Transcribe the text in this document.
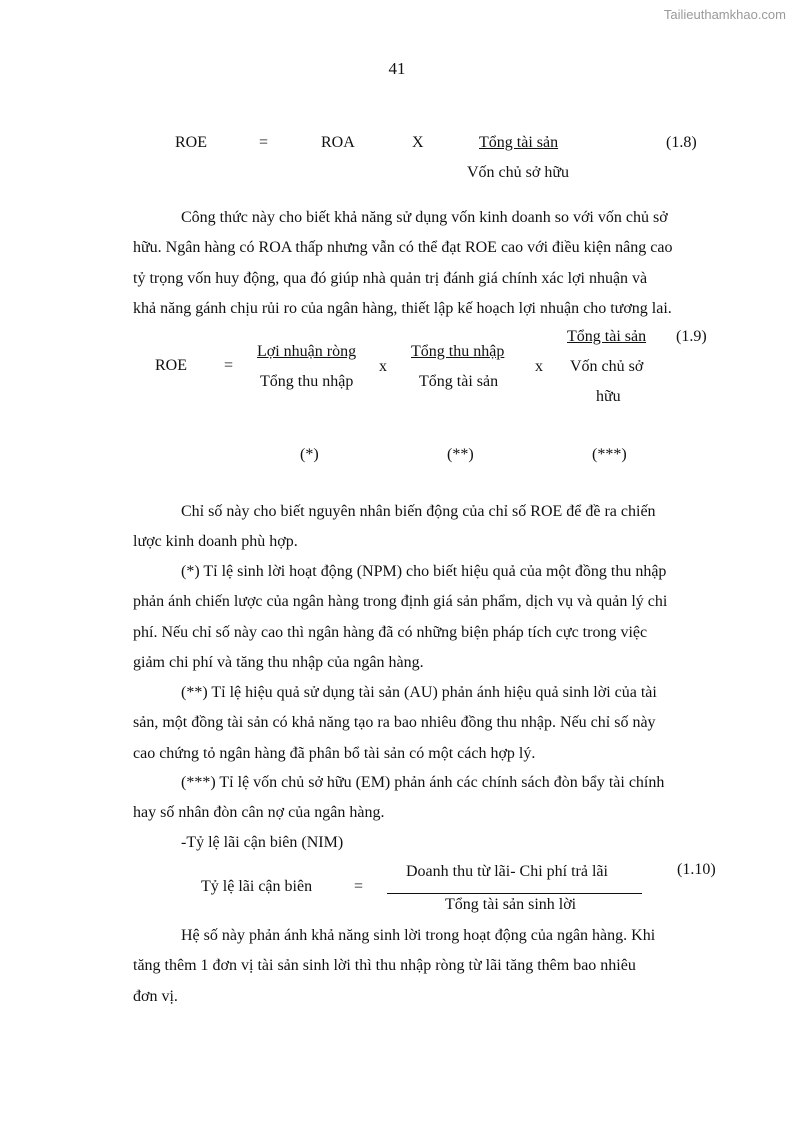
Tailieuthamkhao.com
41
ROE	=	ROA	X	Tổng tài sản
Vốn chủ sở hữu
(1.8)
Công thức này cho biết khả năng sử dụng vốn kinh doanh so với vốn chủ sở
hữu. Ngân hàng có ROA thấp nhưng vẫn có thể đạt ROE cao với điều kiện nâng cao
tỷ trọng vốn huy động, qua đó giúp nhà quản trị đánh giá chính xác lợi nhuận và
khả năng gánh chịu rủi ro của ngân hàng, thiết lập kế hoạch lợi nhuận cho tương lai.
ROE =
Lợi nhuận ròng
Tổng thu nhập
x
Tổng thu nhập
Tổng tài sản
x
Tổng tài sản
Vốn chủ sở
hữu
(1.9)
(*)	(**)	(***)
Chỉ số này cho biết nguyên nhân biến động của chỉ số ROE để đề ra chiến
lược kinh doanh phù hợp.
(*) Tỉ lệ sinh lời hoạt động (NPM) cho biết hiệu quả của một đồng thu nhập
phản ánh chiến lược của ngân hàng trong định giá sản phẩm, dịch vụ và quản lý chi
phí. Nếu chỉ số này cao thì ngân hàng đã có những biện pháp tích cực trong việc
giảm chi phí và tăng thu nhập của ngân hàng.
(**) Tỉ lệ hiệu quả sử dụng tài sản (AU) phản ánh hiệu quả sinh lời của tài
sản, một đồng tài sản có khả năng tạo ra bao nhiêu đồng thu nhập. Nếu chỉ số này
cao chứng tỏ ngân hàng đã phân bổ tài sản có một cách hợp lý.
(***) Tỉ lệ vốn chủ sở hữu (EM) phản ánh các chính sách đòn bẩy tài chính
hay số nhân đòn cân nợ của ngân hàng.
-Tỷ lệ lãi cận biên (NIM)
Tỷ lệ lãi cận biên	=
Doanh thu từ lãi- Chi phí trả lãi
Tổng tài sản sinh lời
(1.10)
Hệ số này phản ánh khả năng sinh lời trong hoạt động của ngân hàng. Khi
tăng thêm 1 đơn vị tài sản sinh lời thì thu nhập ròng từ lãi tăng thêm bao nhiêu
đơn vị.
